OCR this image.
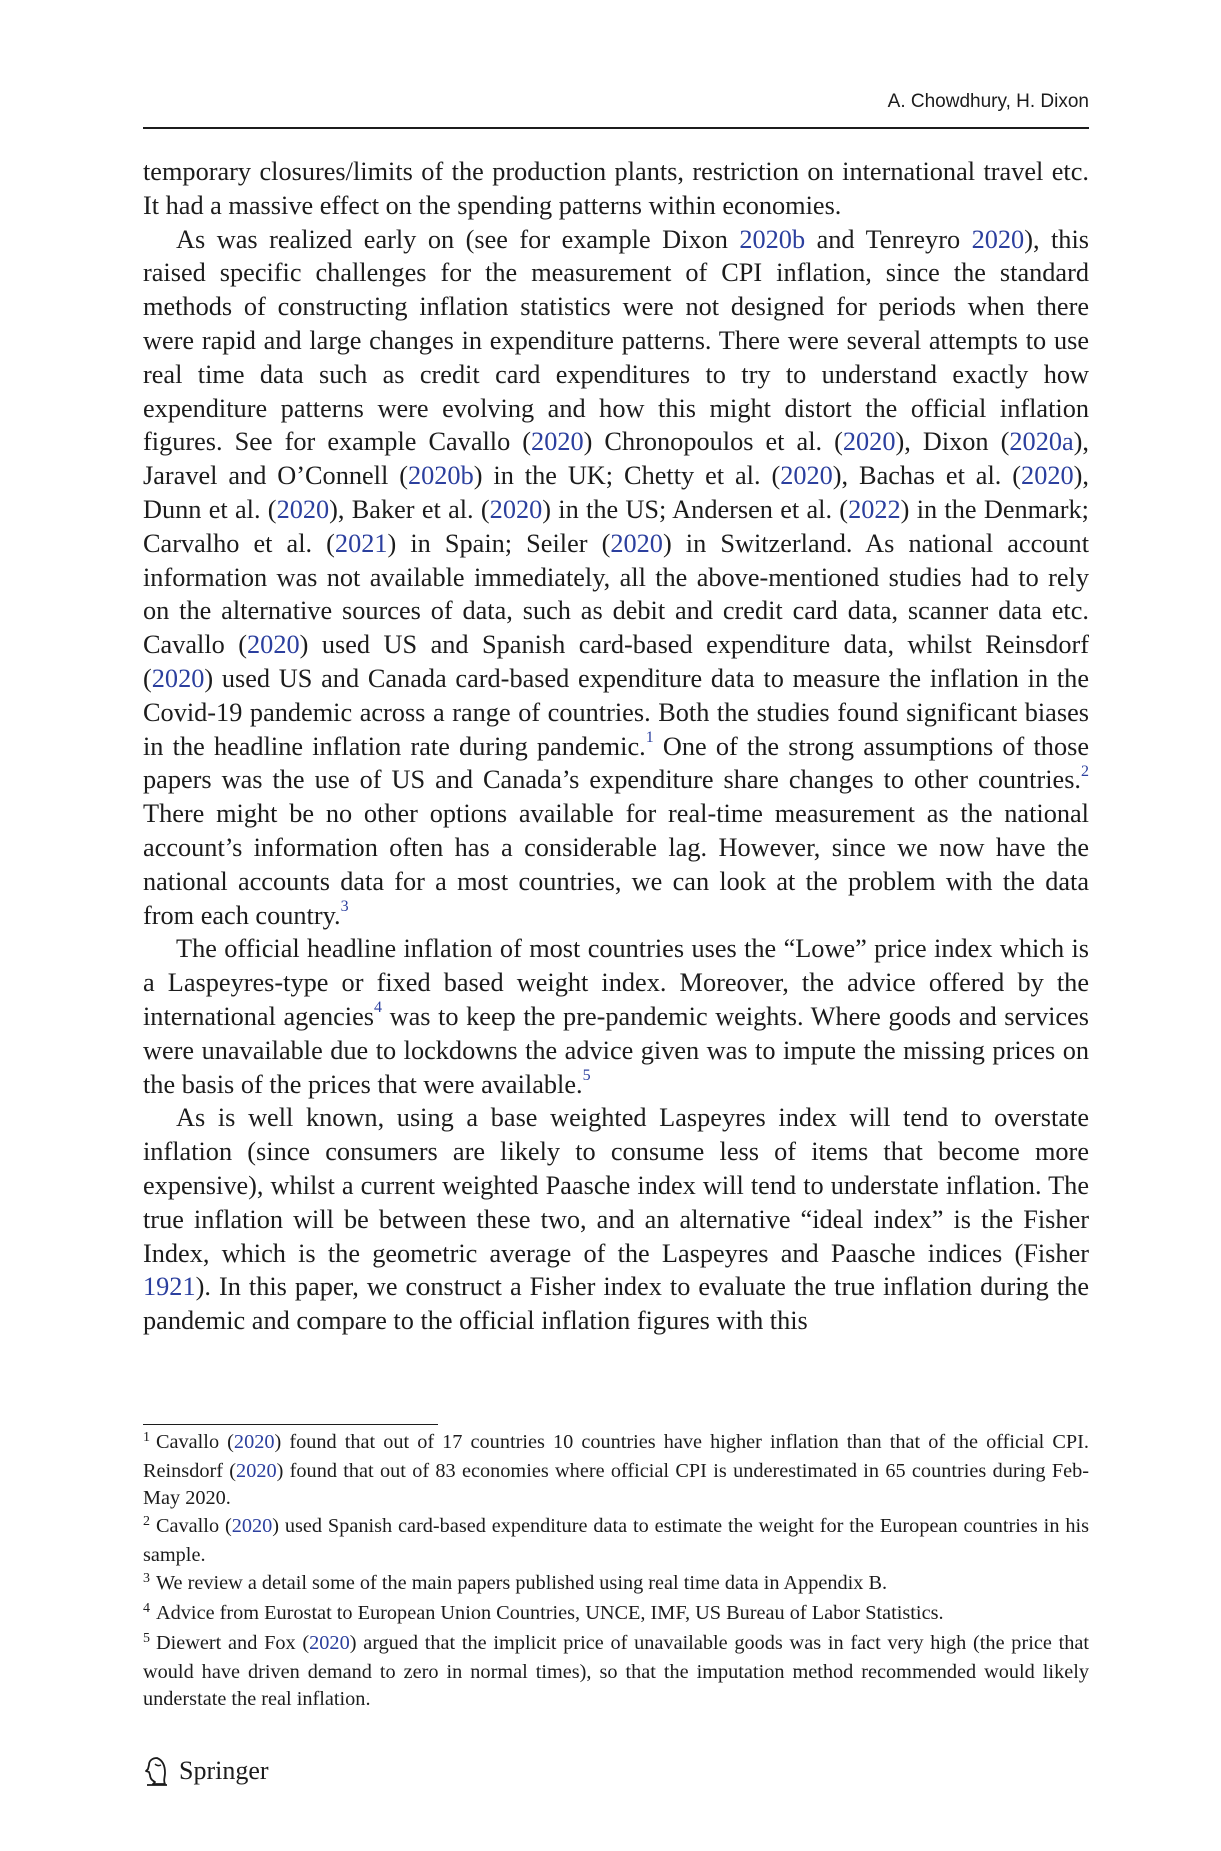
A. Chowdhury, H. Dixon

temporary closures/limits of the production plants, restriction on international travel etc. It had a massive effect on the spending patterns within economies.

As was realized early on (see for example Dixon 2020b and Tenreyro 2020), this raised specific challenges for the measurement of CPI inflation, since the standard methods of constructing inflation statistics were not designed for periods when there were rapid and large changes in expenditure patterns. There were several attempts to use real time data such as credit card expenditures to try to understand exactly how expenditure patterns were evolving and how this might distort the official inflation figures. See for example Cavallo (2020) Chronopoulos et al. (2020), Dixon (2020a), Jaravel and O’Connell (2020b) in the UK; Chetty et al. (2020), Bachas et al. (2020), Dunn et al. (2020), Baker et al. (2020) in the US; Andersen et al. (2022) in the Denmark; Carvalho et al. (2021) in Spain; Seiler (2020) in Switzerland. As national account information was not available immediately, all the above-mentioned studies had to rely on the alternative sources of data, such as debit and credit card data, scanner data etc. Cavallo (2020) used US and Spanish card-based expenditure data, whilst Reinsdorf (2020) used US and Canada card-based expenditure data to measure the inflation in the Covid-19 pandemic across a range of countries. Both the studies found significant biases in the headline inflation rate during pandemic.$^1$ One of the strong assumptions of those papers was the use of US and Canada’s expenditure share changes to other countries.$^2$ There might be no other options available for real-time measurement as the national account’s information often has a considerable lag. However, since we now have the national accounts data for a most countries, we can look at the problem with the data from each country.$^3$

The official headline inflation of most countries uses the “Lowe” price index which is a Laspeyres-type or fixed based weight index. Moreover, the advice offered by the international agencies$^4$ was to keep the pre-pandemic weights. Where goods and services were unavailable due to lockdowns the advice given was to impute the missing prices on the basis of the prices that were available.$^5$

As is well known, using a base weighted Laspeyres index will tend to overstate inflation (since consumers are likely to consume less of items that become more expensive), whilst a current weighted Paasche index will tend to understate inflation. The true inflation will be between these two, and an alternative “ideal index” is the Fisher Index, which is the geometric average of the Laspeyres and Paasche indices (Fisher 1921). In this paper, we construct a Fisher index to evaluate the true inflation during the pandemic and compare to the official inflation figures with this

$^1$ Cavallo (2020) found that out of 17 countries 10 countries have higher inflation than that of the official CPI. Reinsdorf (2020) found that out of 83 economies where official CPI is underestimated in 65 countries during Feb-May 2020.

$^2$ Cavallo (2020) used Spanish card-based expenditure data to estimate the weight for the European countries in his sample.

$^3$ We review a detail some of the main papers published using real time data in Appendix B.

$^4$ Advice from Eurostat to European Union Countries, UNCE, IMF, US Bureau of Labor Statistics.

$^5$ Diewert and Fox (2020) argued that the implicit price of unavailable goods was in fact very high (the price that would have driven demand to zero in normal times), so that the imputation method recommended would likely understate the real inflation.

Springer
